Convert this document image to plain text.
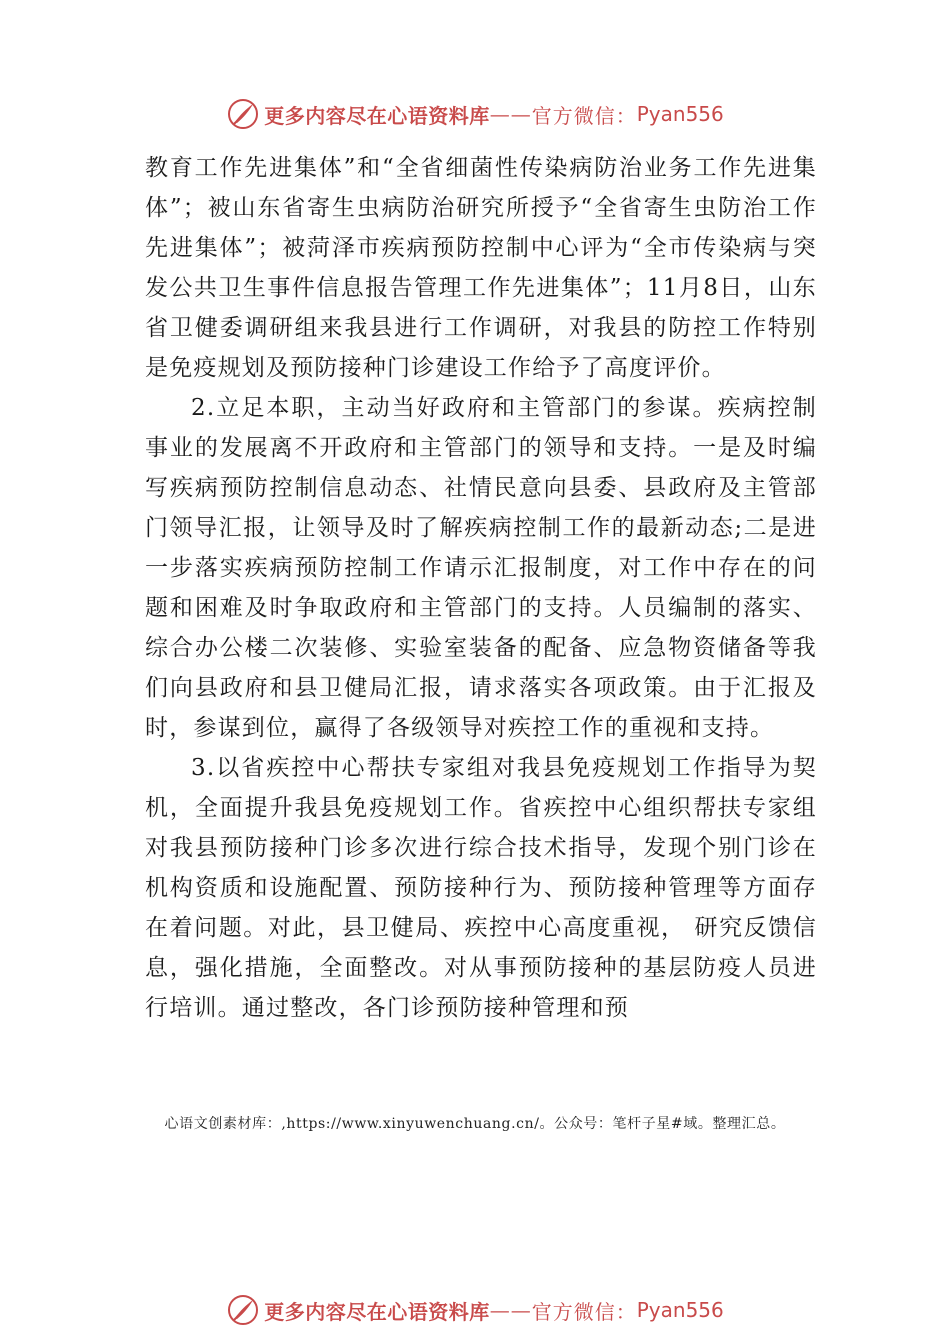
更多内容尽在心语资料库 —— 官方微信： Pyan556

教育工作先进集体”和“全省细菌性传染病防治业务工作先进集体”；被山东省寄生虫病防治研究所授予“全省寄生虫防治工作先进集体”；被菏泽市疾病预防控制中心评为“全市传染病与突发公共卫生事件信息报告管理工作先进集体”；11月8日，山东省卫健委调研组来我县进行工作调研，对我县的防控工作特别是免疫规划及预防接种门诊建设工作给予了高度评价。

2.立足本职，主动当好政府和主管部门的参谋。疾病控制事业的发展离不开政府和主管部门的领导和支持。一是及时编写疾病预防控制信息动态、社情民意向县委、县政府及主管部门领导汇报，让领导及时了解疾病控制工作的最新动态;二是进一步落实疾病预防控制工作请示汇报制度，对工作中存在的问题和困难及时争取政府和主管部门的支持。人员编制的落实、综合办公楼二次装修、实验室装备的配备、应急物资储备等我们向县政府和县卫健局汇报，请求落实各项政策。由于汇报及时，参谋到位，赢得了各级领导对疾控工作的重视和支持。

3.以省疾控中心帮扶专家组对我县免疫规划工作指导为契机，全面提升我县免疫规划工作。省疾控中心组织帮扶专家组对我县预防接种门诊多次进行综合技术指导，发现个别门诊在机构资质和设施配置、预防接种行为、预防接种管理等方面存在着问题。对此，县卫健局、疾控中心高度重视， 研究反馈信息，强化措施，全面整改。对从事预防接种的基层防疫人员进行培训。通过整改，各门诊预防接种管理和预

心语文创素材库：,https://www.xinyuwenchuang.cn/。公众号：笔杆子星#域。整理汇总。
更多内容尽在心语资料库 —— 官方微信： Pyan556
